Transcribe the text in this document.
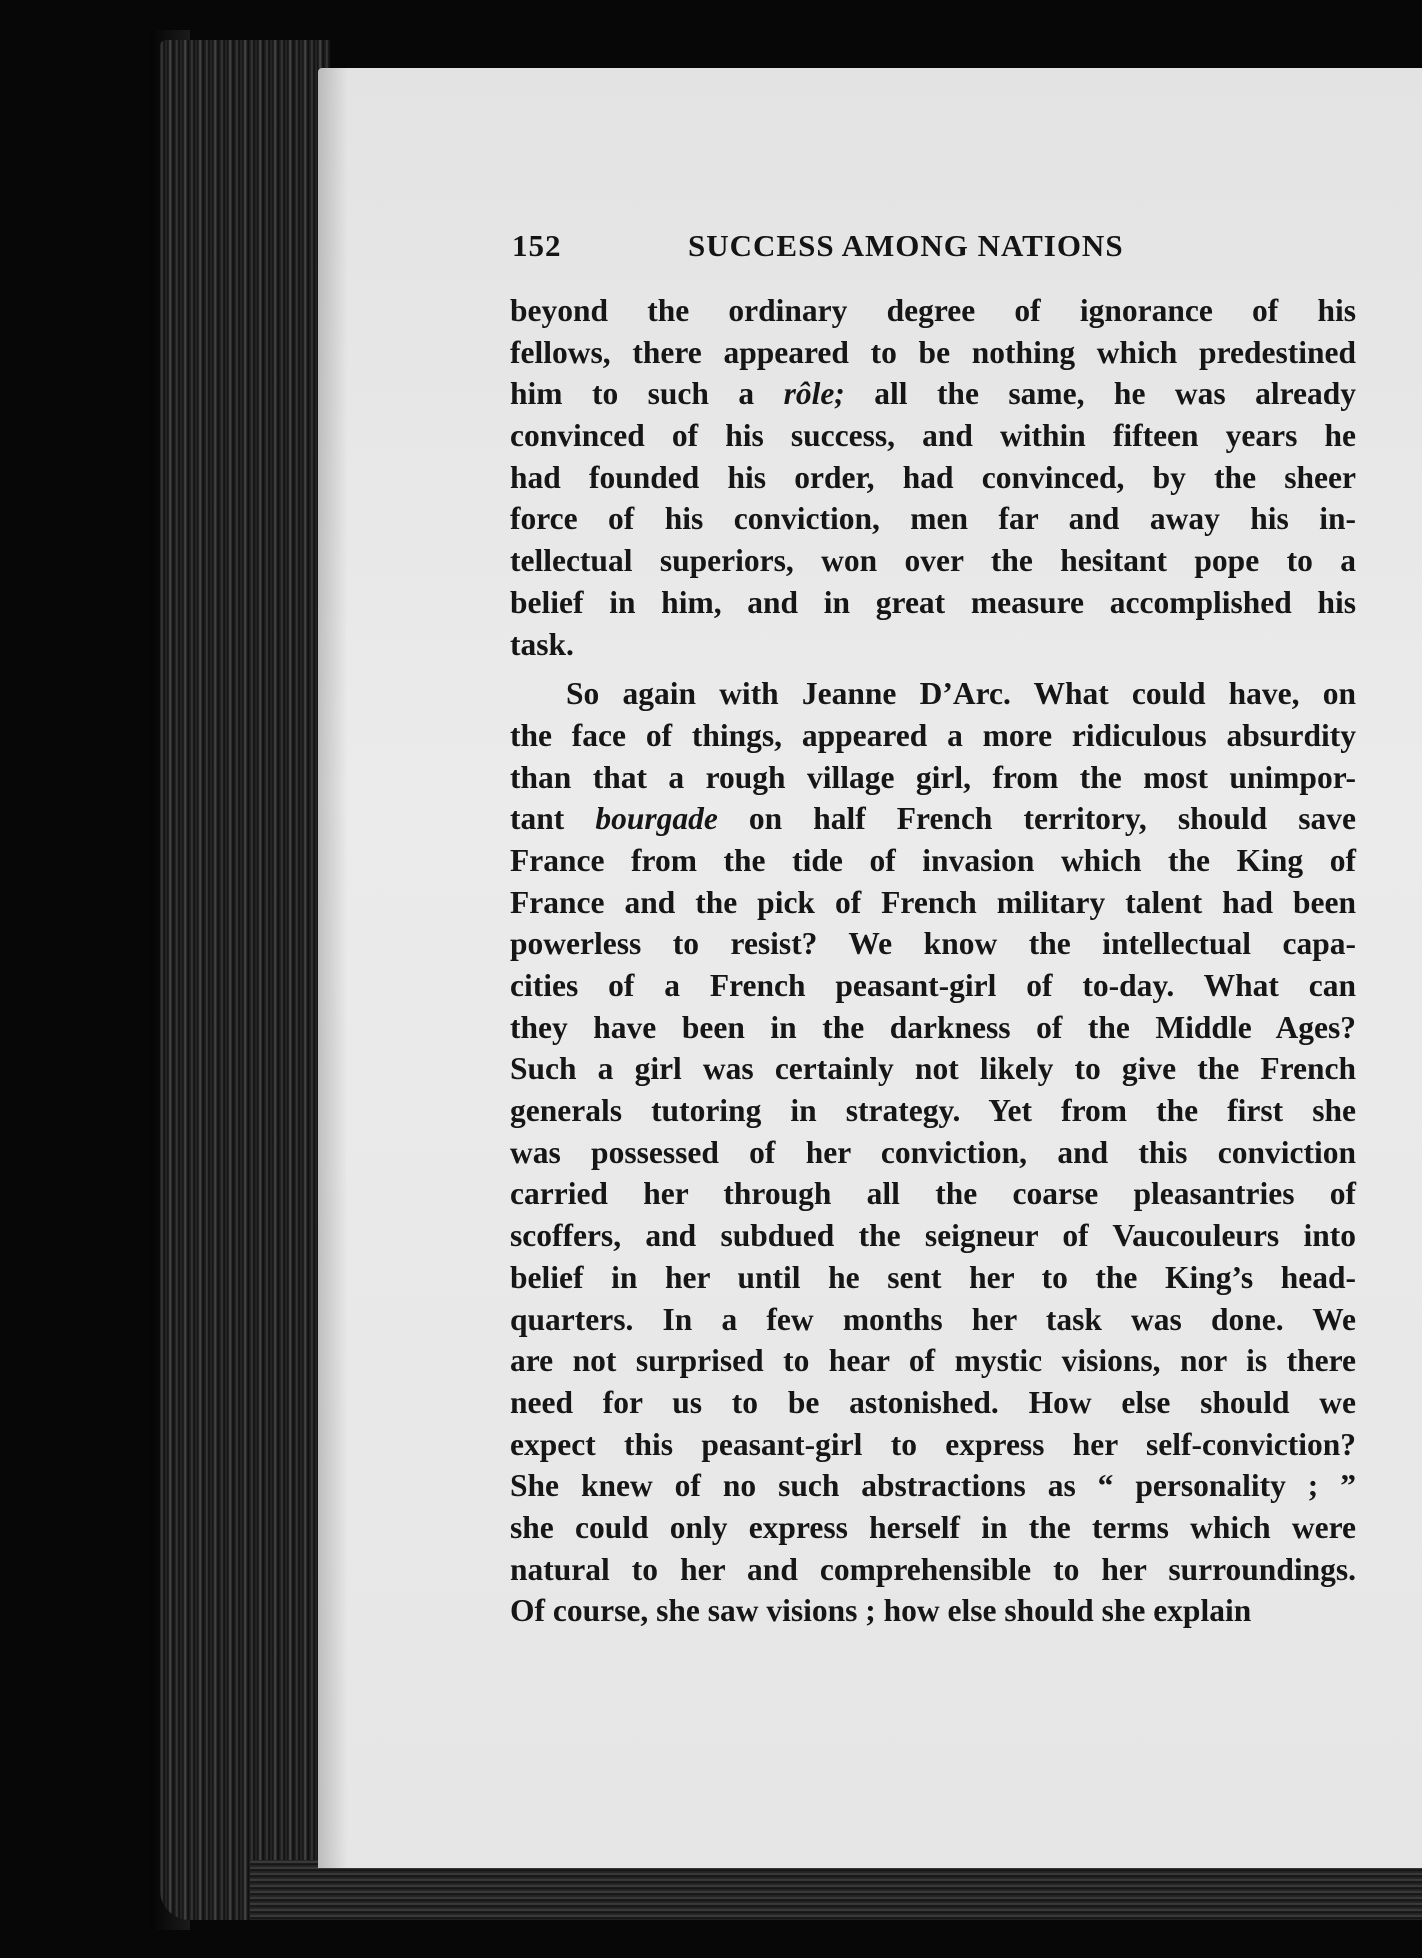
152	SUCCESS AMONG NATIONS
beyond the ordinary degree of ignorance of his
fellows, there appeared to be nothing which predestined
him to such a rôle; all the same, he was already
convinced of his success, and within fifteen years he
had founded his order, had convinced, by the sheer
force of his conviction, men far and away his in-
tellectual superiors, won over the hesitant pope to a
belief in him, and in great measure accomplished his
task.
So again with Jeanne D’Arc. What could have, on
the face of things, appeared a more ridiculous absurdity
than that a rough village girl, from the most unimpor-
tant bourgade on half French territory, should save
France from the tide of invasion which the King of
France and the pick of French military talent had been
powerless to resist? We know the intellectual capa-
cities of a French peasant-girl of to-day. What can
they have been in the darkness of the Middle Ages?
Such a girl was certainly not likely to give the French
generals tutoring in strategy. Yet from the first she
was possessed of her conviction, and this conviction
carried her through all the coarse pleasantries of
scoffers, and subdued the seigneur of Vaucouleurs into
belief in her until he sent her to the King’s head-
quarters. In a few months her task was done. We
are not surprised to hear of mystic visions, nor is there
need for us to be astonished. How else should we
expect this peasant-girl to express her self-conviction?
She knew of no such abstractions as “ personality ; ”
she could only express herself in the terms which were
natural to her and comprehensible to her surroundings.
Of course, she saw visions ; how else should she explain
